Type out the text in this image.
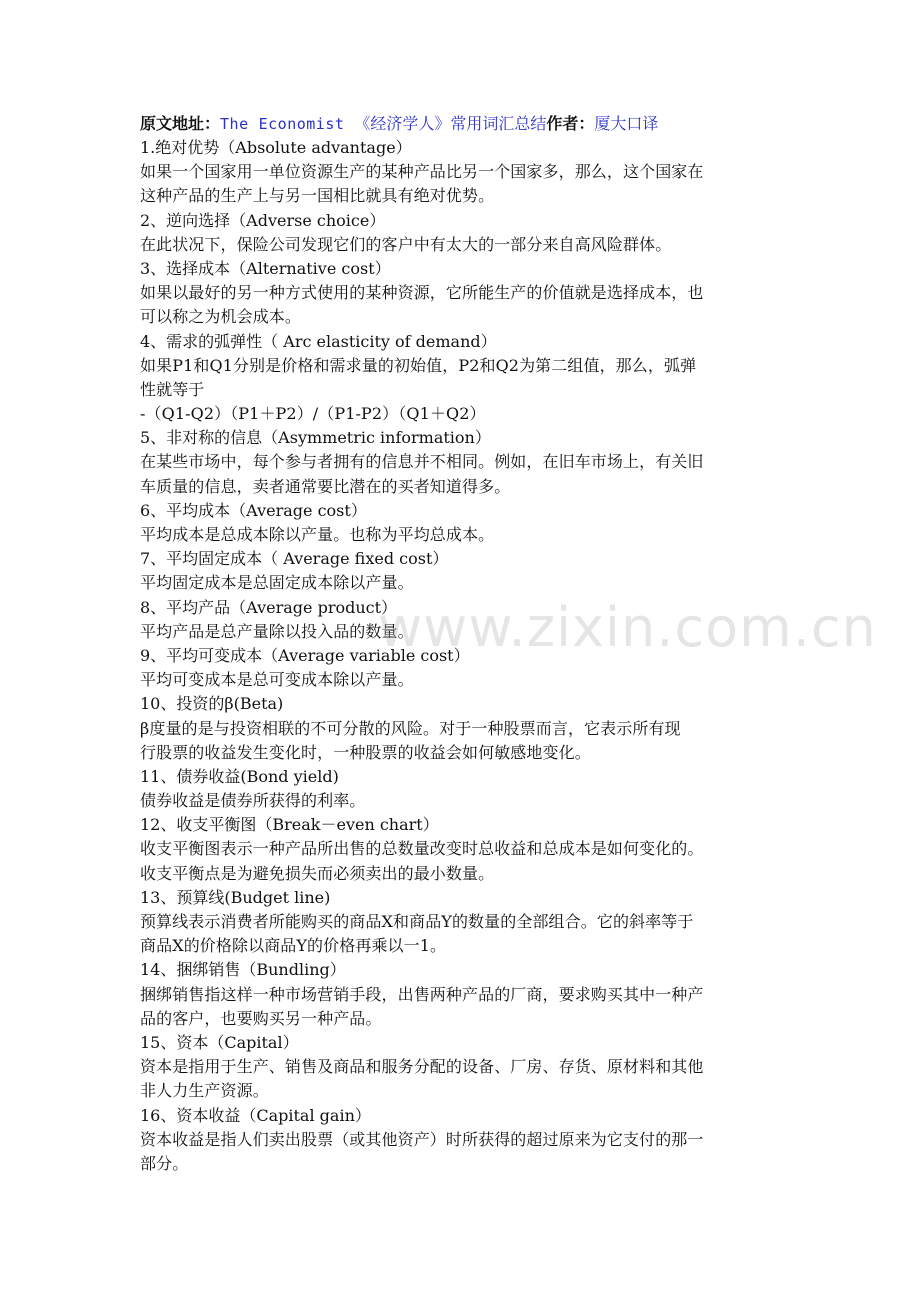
原文地址：The Economist 《经济学人》常用词汇总结作者：厦大口译
1.绝对优势（Absolute advantage）
如果一个国家用一单位资源生产的某种产品比另一个国家多，那么，这个国家在
这种产品的生产上与另一国相比就具有绝对优势。
2、逆向选择（Adverse choice）
在此状况下，保险公司发现它们的客户中有太大的一部分来自高风险群体。
3、选择成本（Alternative cost）
如果以最好的另一种方式使用的某种资源，它所能生产的价值就是选择成本，也
可以称之为机会成本。
4、需求的弧弹性（ Arc elasticity of demand）
如果P1和Q1分别是价格和需求量的初始值，P2和Q2为第二组值，那么，弧弹
性就等于
-（Q1-Q2）（P1＋P2）/（P1-P2）（Q1＋Q2）
5、非对称的信息（Asymmetric information）
在某些市场中，每个参与者拥有的信息并不相同。例如，在旧车市场上，有关旧
车质量的信息，卖者通常要比潜在的买者知道得多。
6、平均成本（Average cost）
平均成本是总成本除以产量。也称为平均总成本。
7、平均固定成本（ Average fixed cost）
平均固定成本是总固定成本除以产量。
8、平均产品（Average product）
平均产品是总产量除以投入品的数量。
9、平均可变成本（Average variable cost）
平均可变成本是总可变成本除以产量。
10、投资的β(Beta)
β度量的是与投资相联的不可分散的风险。对于一种股票而言，它表示所有现
行股票的收益发生变化时，一种股票的收益会如何敏感地变化。
11、债券收益(Bond yield)
债券收益是债券所获得的利率。
12、收支平衡图（Break－even chart）
收支平衡图表示一种产品所出售的总数量改变时总收益和总成本是如何变化的。
收支平衡点是为避免损失而必须卖出的最小数量。
13、预算线(Budget line)
预算线表示消费者所能购买的商品X和商品Y的数量的全部组合。它的斜率等于
商品X的价格除以商品Y的价格再乘以一1。
14、捆绑销售（Bundling）
捆绑销售指这样一种市场营销手段，出售两种产品的厂商，要求购买其中一种产
品的客户，也要购买另一种产品。
15、资本（Capital）
资本是指用于生产、销售及商品和服务分配的设备、厂房、存货、原材料和其他
非人力生产资源。
16、资本收益（Capital gain）
资本收益是指人们卖出股票（或其他资产）时所获得的超过原来为它支付的那一
部分。
www.zixin.com.cn
